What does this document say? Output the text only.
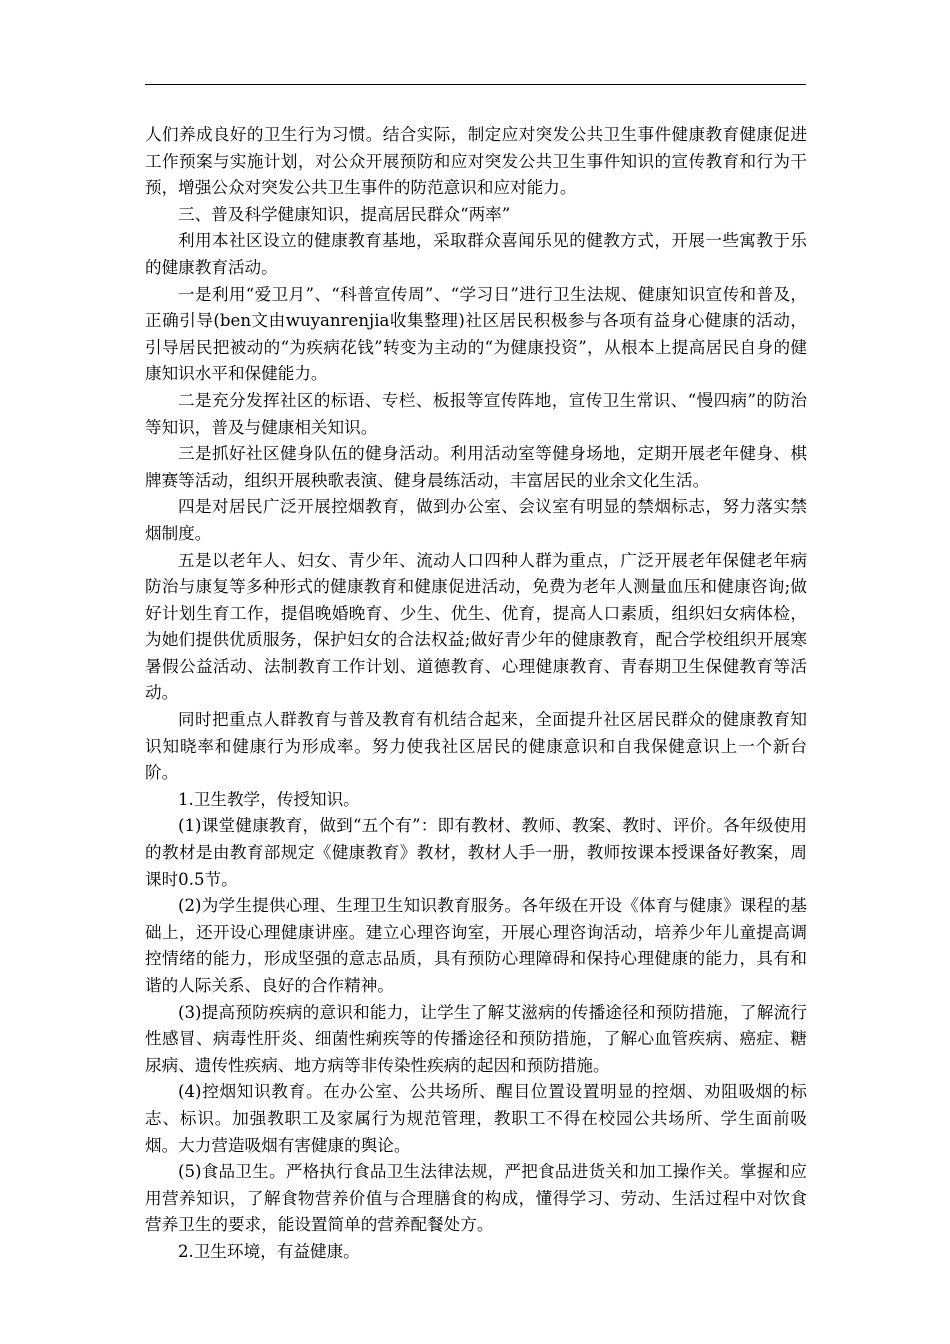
人们养成良好的卫生行为习惯。结合实际，制定应对突发公共卫生事件健康教育健康促进工作预案与实施计划，对公众开展预防和应对突发公共卫生事件知识的宣传教育和行为干预，增强公众对突发公共卫生事件的防范意识和应对能力。

三、普及科学健康知识，提高居民群众“两率”

利用本社区设立的健康教育基地，采取群众喜闻乐见的健教方式，开展一些寓教于乐的健康教育活动。

一是利用“爱卫月”、“科普宣传周”、“学习日”进行卫生法规、健康知识宣传和普及，正确引导(ben文由wuyanrenjia收集整理)社区居民积极参与各项有益身心健康的活动，引导居民把被动的“为疾病花钱”转变为主动的“为健康投资”，从根本上提高居民自身的健康知识水平和保健能力。

二是充分发挥社区的标语、专栏、板报等宣传阵地，宣传卫生常识、“慢四病”的防治等知识，普及与健康相关知识。

三是抓好社区健身队伍的健身活动。利用活动室等健身场地，定期开展老年健身、棋牌赛等活动，组织开展秧歌表演、健身晨练活动，丰富居民的业余文化生活。

四是对居民广泛开展控烟教育，做到办公室、会议室有明显的禁烟标志，努力落实禁烟制度。

五是以老年人、妇女、青少年、流动人口四种人群为重点，广泛开展老年保健老年病防治与康复等多种形式的健康教育和健康促进活动，免费为老年人测量血压和健康咨询;做好计划生育工作，提倡晚婚晚育、少生、优生、优育，提高人口素质，组织妇女病体检，为她们提供优质服务，保护妇女的合法权益;做好青少年的健康教育，配合学校组织开展寒暑假公益活动、法制教育工作计划、道德教育、心理健康教育、青春期卫生保健教育等活动。

同时把重点人群教育与普及教育有机结合起来，全面提升社区居民群众的健康教育知识知晓率和健康行为形成率。努力使我社区居民的健康意识和自我保健意识上一个新台阶。

1.卫生教学，传授知识。

(1)课堂健康教育，做到“五个有”：即有教材、教师、教案、教时、评价。各年级使用的教材是由教育部规定《健康教育》教材，教材人手一册，教师按课本授课备好教案，周课时0.5节。

(2)为学生提供心理、生理卫生知识教育服务。各年级在开设《体育与健康》课程的基础上，还开设心理健康讲座。建立心理咨询室，开展心理咨询活动，培养少年儿童提高调控情绪的能力，形成坚强的意志品质，具有预防心理障碍和保持心理健康的能力，具有和谐的人际关系、良好的合作精神。

(3)提高预防疾病的意识和能力，让学生了解艾滋病的传播途径和预防措施，了解流行性感冒、病毒性肝炎、细菌性痢疾等的传播途径和预防措施，了解心血管疾病、癌症、糖尿病、遗传性疾病、地方病等非传染性疾病的起因和预防措施。

(4)控烟知识教育。在办公室、公共场所、醒目位置设置明显的控烟、劝阻吸烟的标志、标识。加强教职工及家属行为规范管理，教职工不得在校园公共场所、学生面前吸烟。大力营造吸烟有害健康的舆论。

(5)食品卫生。严格执行食品卫生法律法规，严把食品进货关和加工操作关。掌握和应用营养知识，了解食物营养价值与合理膳食的构成，懂得学习、劳动、生活过程中对饮食营养卫生的要求，能设置简单的营养配餐处方。

2.卫生环境，有益健康。
